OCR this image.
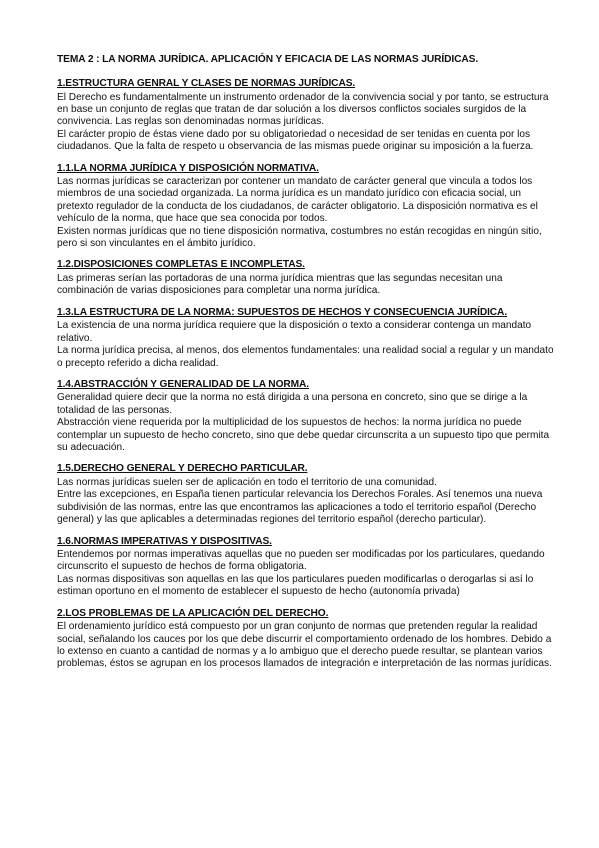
TEMA 2 : LA NORMA JURÍDICA. APLICACIÓN Y EFICACIA DE LAS NORMAS JURÍDICAS.
1.ESTRUCTURA GENRAL Y CLASES DE NORMAS JURÍDICAS.

El Derecho es fundamentalmente un instrumento ordenador de la convivencia social y por tanto, se estructura en base un conjunto de reglas que tratan de dar solución a los diversos conflictos sociales surgidos de la convivencia. Las reglas son denominadas normas jurídicas.

El carácter propio de éstas viene dado por su obligatoriedad o necesidad de ser tenidas en cuenta por los ciudadanos. Que la falta de respeto u observancia de las mismas puede originar su imposición a la fuerza.

1.1.LA NORMA JURÍDICA Y DISPOSICIÓN NORMATIVA.

Las normas jurídicas se caracterizan por contener un mandato de carácter general que vincula a todos los miembros de una sociedad organizada. La norma jurídica es un mandato jurídico con eficacia social, un pretexto regulador de la conducta de los ciudadanos, de carácter obligatorio. La disposición normativa es el vehículo de la norma, que hace que sea conocida por todos.

Existen normas jurídicas que no tiene disposición normativa, costumbres no están recogidas en ningún sitio, pero si son vinculantes en el ámbito jurídico.

1.2.DISPOSICIONES COMPLETAS E INCOMPLETAS.

Las primeras serían las portadoras de una norma jurídica mientras que las segundas necesitan una combinación de varias disposiciones para completar una norma jurídica.

1.3.LA ESTRUCTURA DE LA NORMA: SUPUESTOS DE HECHOS Y CONSECUENCIA JURÍDICA.

La existencia de una norma jurídica requiere que la disposición o texto a considerar contenga un mandato relativo.

La norma jurídica precisa, al menos, dos elementos fundamentales: una realidad social a regular y un mandato o precepto referido a dicha realidad.

1.4.ABSTRACCIÓN Y GENERALIDAD DE LA NORMA.

Generalidad quiere decir que la norma no está dirigida a una persona en concreto, sino que se dirige a la totalidad de las personas.

Abstracción viene requerida por la multiplicidad de los supuestos de hechos: la norma jurídica no puede contemplar un supuesto de hecho concreto, sino que debe quedar circunscrita a un supuesto tipo que permita su adecuación.

1.5.DERECHO GENERAL Y DERECHO PARTICULAR.

Las normas jurídicas suelen ser de aplicación en todo el territorio de una comunidad.

Entre las excepciones, en España tienen particular relevancia los Derechos Forales. Así tenemos una nueva subdivisión de las normas, entre las que encontramos las aplicaciones a todo el territorio español (Derecho general) y las que aplicables a determinadas regiones del territorio español (derecho particular).

1.6.NORMAS IMPERATIVAS Y DISPOSITIVAS.

Entendemos por normas imperativas aquellas que no pueden ser modificadas por los particulares, quedando circunscrito el supuesto de hechos de forma obligatoria.

Las normas dispositivas son aquellas en las que los particulares pueden modificarlas o derogarlas si así lo estiman oportuno en el momento de establecer el supuesto de hecho (autonomía privada)

2.LOS PROBLEMAS DE LA APLICACIÓN DEL DERECHO.

El ordenamiento jurídico está compuesto por un gran conjunto de normas que pretenden regular la realidad social, señalando los cauces por los que debe discurrir el comportamiento ordenado de los hombres. Debido a lo extenso en cuanto a cantidad de normas y a lo ambiguo que el derecho puede resultar, se plantean varios problemas, éstos se agrupan en los procesos llamados de integración e interpretación de las normas jurídicas.
